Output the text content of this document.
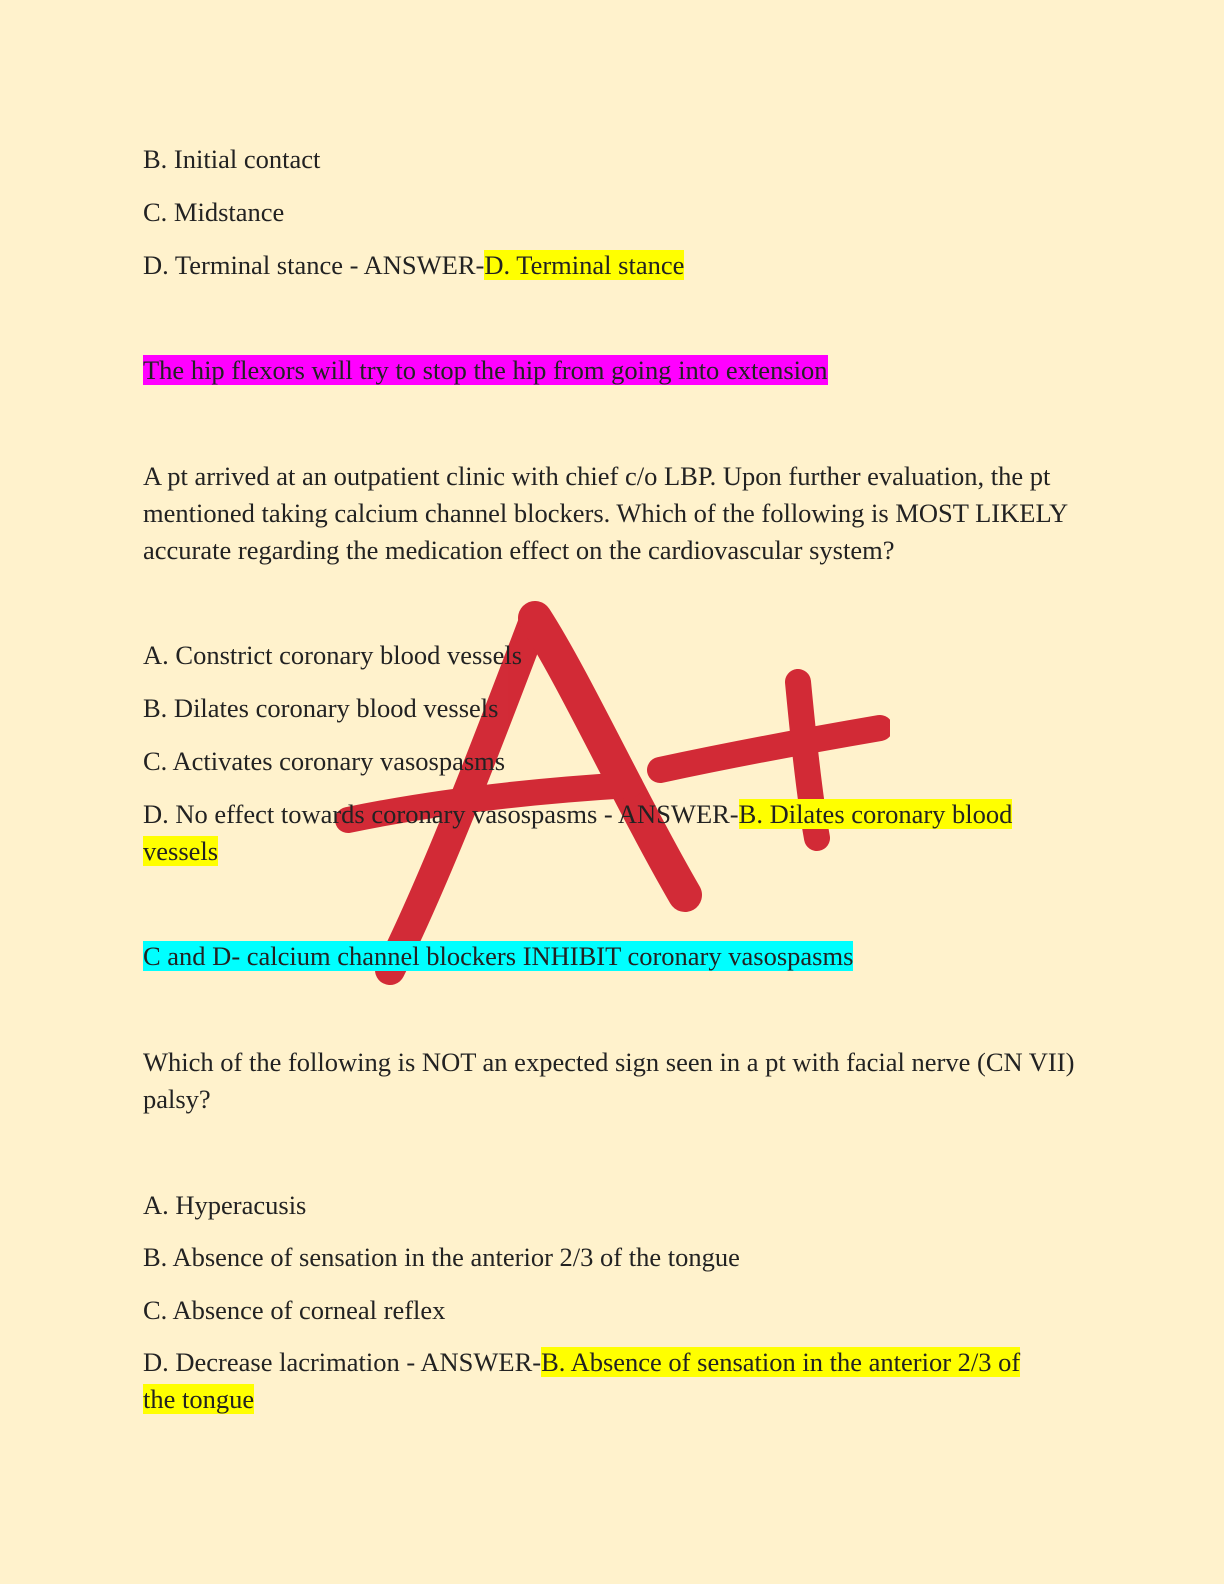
B. Initial contact

C. Midstance

D. Terminal stance - ANSWER-D. Terminal stance

The hip flexors will try to stop the hip from going into extension

A pt arrived at an outpatient clinic with chief c/o LBP. Upon further evaluation, the pt mentioned taking calcium channel blockers. Which of the following is MOST LIKELY accurate regarding the medication effect on the cardiovascular system?

A. Constrict coronary blood vessels

B. Dilates coronary blood vessels

C. Activates coronary vasospasms

D. No effect towards coronary vasospasms - ANSWER-B. Dilates coronary blood

vessels

C and D- calcium channel blockers INHIBIT coronary vasospasms

Which of the following is NOT an expected sign seen in a pt with facial nerve (CN VII) palsy?

A. Hyperacusis

B. Absence of sensation in the anterior 2/3 of the tongue

C. Absence of corneal reflex

D. Decrease lacrimation - ANSWER-B. Absence of sensation in the anterior 2/3 of

the tongue
